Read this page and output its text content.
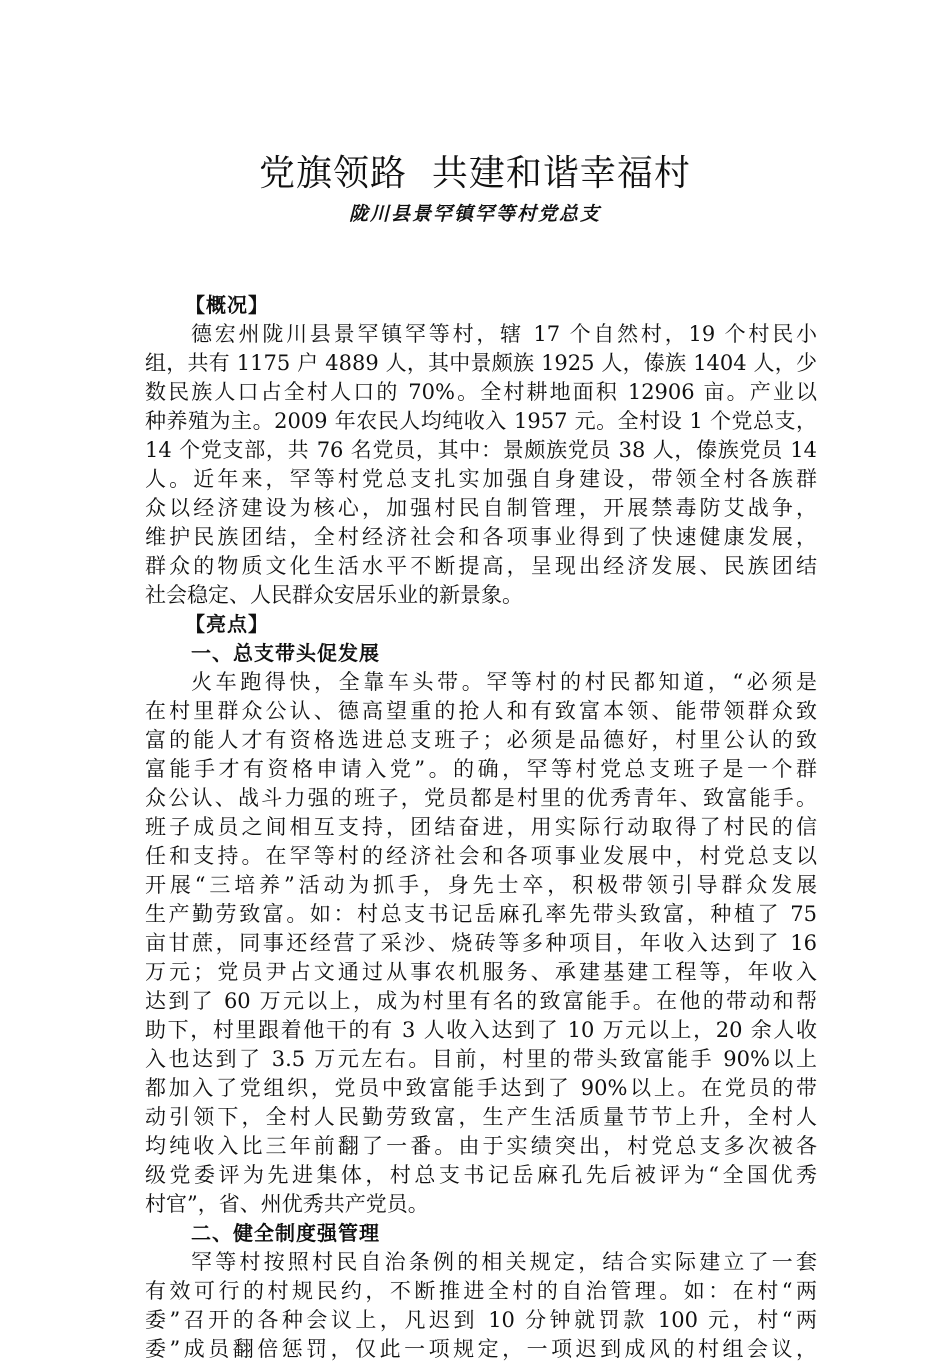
党旗领路  共建和谐幸福村
陇川县景罕镇罕等村党总支
【概况】
德宏州陇川县景罕镇罕等村，辖 17 个自然村，19 个村民小
组，共有 1175 户 4889 人，其中景颇族 1925 人，傣族 1404 人，少
数民族人口占全村人口的 70%。全村耕地面积 12906 亩。产业以
种养殖为主。2009 年农民人均纯收入 1957 元。全村设 1 个党总支，
14 个党支部，共 76 名党员，其中：景颇族党员 38 人，傣族党员 14
人。近年来，罕等村党总支扎实加强自身建设，带领全村各族群
众以经济建设为核心，加强村民自制管理，开展禁毒防艾战争，
维护民族团结，全村经济社会和各项事业得到了快速健康发展，
群众的物质文化生活水平不断提高，呈现出经济发展、民族团结
社会稳定、人民群众安居乐业的新景象。
【亮点】
一、总支带头促发展
火车跑得快，全靠车头带。罕等村的村民都知道，“必须是
在村里群众公认、德高望重的抢人和有致富本领、能带领群众致
富的能人才有资格选进总支班子；必须是品德好，村里公认的致
富能手才有资格申请入党”。的确，罕等村党总支班子是一个群
众公认、战斗力强的班子，党员都是村里的优秀青年、致富能手。
班子成员之间相互支持，团结奋进，用实际行动取得了村民的信
任和支持。在罕等村的经济社会和各项事业发展中，村党总支以
开展“三培养”活动为抓手，身先士卒，积极带领引导群众发展
生产勤劳致富。如：村总支书记岳麻孔率先带头致富，种植了 75
亩甘蔗，同事还经营了采沙、烧砖等多种项目，年收入达到了 16
万元；党员尹占文通过从事农机服务、承建基建工程等，年收入
达到了 60 万元以上，成为村里有名的致富能手。在他的带动和帮
助下，村里跟着他干的有 3 人收入达到了 10 万元以上，20 余人收
入也达到了 3.5 万元左右。目前，村里的带头致富能手 90%以上
都加入了党组织，党员中致富能手达到了 90%以上。在党员的带
动引领下，全村人民勤劳致富，生产生活质量节节上升，全村人
均纯收入比三年前翻了一番。由于实绩突出，村党总支多次被各
级党委评为先进集体，村总支书记岳麻孔先后被评为“全国优秀
村官”，省、州优秀共产党员。
二、健全制度强管理
罕等村按照村民自治条例的相关规定，结合实际建立了一套
有效可行的村规民约，不断推进全村的自治管理。如：在村“两
委”召开的各种会议上，凡迟到 10 分钟就罚款 100 元，村“两
委”成员翻倍惩罚，仅此一项规定，一项迟到成风的村组会议，
